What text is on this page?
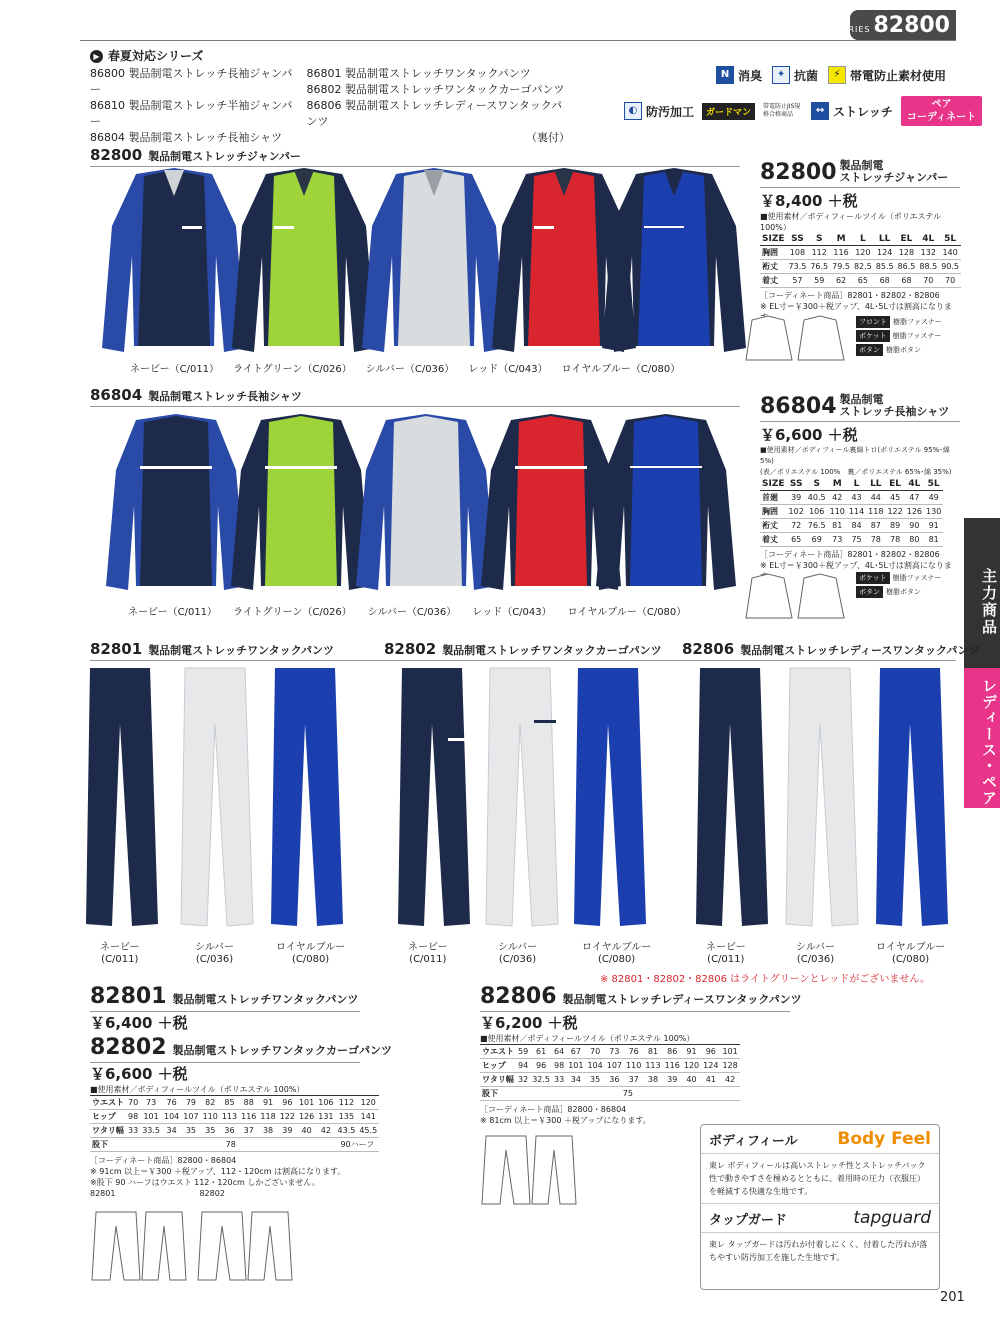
SERIES 82800
▶ 春夏対応シリーズ
86800 製品制電ストレッチ長袖ジャンパー
86810 製品制電ストレッチ半袖ジャンパー
86804 製品制電ストレッチ長袖シャツ
86801 製品制電ストレッチワンタックパンツ
86802 製品制電ストレッチワンタックカーゴパンツ
86806 製品制電ストレッチレディースワンタックパンツ
（裏付）
N 消臭	✦ 抗菌	⚡ 帯電防止素材使用
◐ 防汚加工	ガードマン
帯電防止JIS規格合格商品	↔ ストレッチ	ペア
コーディネート
82800 製品制電ストレッチジャンパー
ネービー（C/011） ライトグリーン（C/026） シルバー（C/036） レッド（C/043） ロイヤルブルー（C/080）
82800 製品制電
ストレッチジャンパー
￥8,400 ＋税
■使用素材／ボディフィールツイル（ポリエステル 100%）
SIZE	SS	S	M	L	LL	EL	4L	5L
胸囲	108	112	116	120	124	128	132	140
裄丈	73.5	76.5	79.5	82.5	85.5	86.5	88.5	90.5
着丈	57	59	62	65	68	68	70	70
［コーディネート商品］82801・82802・82806
※ EL寸＝￥300＋税アップ、4L･5L寸は割高になりま
フロント 樹脂ファスナー
ポケット 樹脂ファスナー
ボタン 樹脂ボタン
86804 製品制電ストレッチ長袖シャツ
ネービー（C/011） ライトグリーン（C/026） シルバー（C/036） レッド（C/043） ロイヤルブルー（C/080）
86804 製品制電
ストレッチ長袖シャツ
￥6,600 ＋税
■使用素材／ボディフィール裏綿トロ(ポリエステル 95%･綿 5%)
(表／ポリエステル 100%　裏／ポリエステル 65%･綿 35%)
SIZE	SS	S	M	L	LL	EL	4L	5L
首廻	39	40.5	42	43	44	45	47	49
胸囲	102	106	110	114	118	122	126	130
裄丈	72	76.5	81	84	87	89	90	91
着丈	65	69	73	75	78	78	80	81
［コーディネート商品］82801・82802・82806
※ EL寸＝￥300＋税アップ、4L･5L寸は割高になりま
ポケット 樹脂ファスナー
ボタン 樹脂ボタン	主力商品
レディース・ペア
82801 製品制電ストレッチワンタックパンツ	82802 製品制電ストレッチワンタックカーゴパンツ 82806 製品制電ストレッチレディースワンタックパンツ
ネービー
(C/011)
シルバー
(C/036)
ロイヤルブルー
(C/080)
ネービー
(C/011)
シルバー
(C/036)
ロイヤルブルー
(C/080)
ネービー
(C/011)
シルバー
(C/036)
ロイヤルブルー
(C/080)
※ 82801・82802・82806 はライトグリーンとレッドがございません。
82801 製品制電ストレッチワンタックパンツ
￥6,400 ＋税
82802 製品制電ストレッチワンタックカーゴパンツ
￥6,600 ＋税
■使用素材／ボディフィールツイル（ポリエステル 100%）
ウエスト	70	73	76	79	82	85	88	91	96	101	106	112	120
ヒップ	98	101	104	107	110	113	116	118	122	126	131	135	141
ワタリ幅	33	33.5	34	35	35	36	37	38	39	40	42	43.5	45.5
股下	78											90ハーフ	
［コーディネート商品］82800・86804
※ 91cm 以上＝￥300 ＋税アップ、112・120cm は割高になります。
※股下 90 ハーフはウエスト 112・120cm しかございません。
82801	82802
82806 製品制電ストレッチレディースワンタックパンツ
￥6,200 ＋税
■使用素材／ボディフィールツイル（ポリエステル 100%）
ウエスト	59	61	64	67	70	73	76	81	86	91	96	101
ヒップ	94	96	98	101	104	107	110	113	116	120	124	128
ワタリ幅	32	32.5	33	34	35	36	37	38	39	40	41	42
股下	75											
［コーディネート商品］82800・86804
※ 81cm 以上＝￥300 ＋税アップになります。
ボディフィール Body Feel
東レ ボディフィールは高いストレッチ性とストレッチバック性で動きやすさを極めるとともに、着用時の圧力（衣服圧）を軽減する快適な生地です。
タップガード	tapguard
東レ タップガードは汚れが付着しにくく、付着した汚れが落ちやすい防汚加工を施した生地です。
201
